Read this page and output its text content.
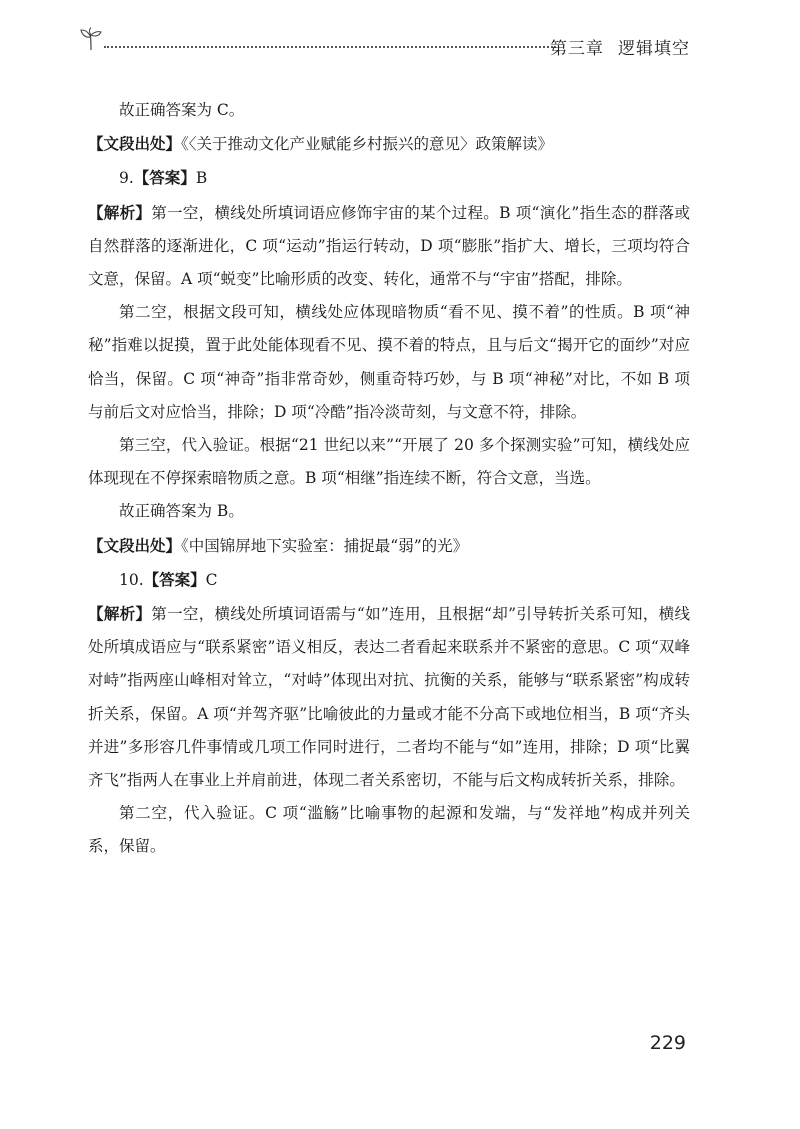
第三章 逻辑填空

故正确答案为 C。

【文段出处】《〈关于推动文化产业赋能乡村振兴的意见〉政策解读》

9.【答案】B

【解析】第一空，横线处所填词语应修饰宇宙的某个过程。B 项“演化”指生态的群落或自然群落的逐渐进化，C 项“运动”指运行转动，D 项“膨胀”指扩大、增长，三项均符合文意，保留。A 项“蜕变”比喻形质的改变、转化，通常不与“宇宙”搭配，排除。

第二空，根据文段可知，横线处应体现暗物质“看不见、摸不着”的性质。B 项“神秘”指难以捉摸，置于此处能体现看不见、摸不着的特点，且与后文“揭开它的面纱”对应恰当，保留。C 项“神奇”指非常奇妙，侧重奇特巧妙，与 B 项“神秘”对比，不如 B 项与前后文对应恰当，排除；D 项“冷酷”指冷淡苛刻，与文意不符，排除。

第三空，代入验证。根据“21 世纪以来”“开展了 20 多个探测实验”可知，横线处应体现现在不停探索暗物质之意。B 项“相继”指连续不断，符合文意，当选。

故正确答案为 B。

【文段出处】《中国锦屏地下实验室：捕捉最“弱”的光》

10.【答案】C

【解析】第一空，横线处所填词语需与“如”连用，且根据“却”引导转折关系可知，横线处所填成语应与“联系紧密”语义相反，表达二者看起来联系并不紧密的意思。C 项“双峰对峙”指两座山峰相对耸立，“对峙”体现出对抗、抗衡的关系，能够与“联系紧密”构成转折关系，保留。A 项“并驾齐驱”比喻彼此的力量或才能不分高下或地位相当，B 项“齐头并进”多形容几件事情或几项工作同时进行，二者均不能与“如”连用，排除；D 项“比翼齐飞”指两人在事业上并肩前进，体现二者关系密切，不能与后文构成转折关系，排除。

第二空，代入验证。C 项“滥觞”比喻事物的起源和发端，与“发祥地”构成并列关系，保留。

229
